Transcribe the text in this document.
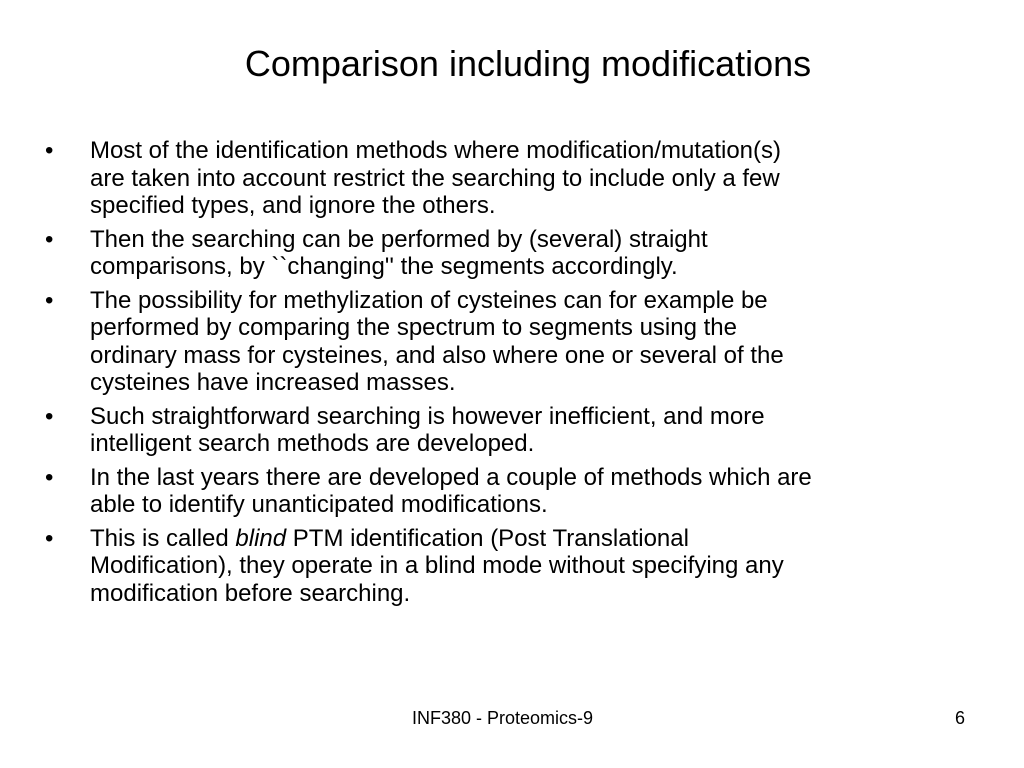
Comparison including modifications
• Most of the identification methods where modification/mutation(s)
are taken into account restrict the searching to include only a few
specified types, and ignore the others.
• Then the searching can be performed by (several) straight
comparisons, by ``changing'' the segments accordingly.
• The possibility for methylization of cysteines can for example be
performed by comparing the spectrum to segments using the
ordinary mass for cysteines, and also where one or several of the
cysteines have increased masses.
• Such straightforward searching is however inefficient, and more
intelligent search methods are developed.
• In the last years there are developed a couple of methods which are
able to identify unanticipated modifications.
• This is called blind PTM identification (Post Translational
Modification), they operate in a blind mode without specifying any
modification before searching.
INF380 - Proteomics-9	6
